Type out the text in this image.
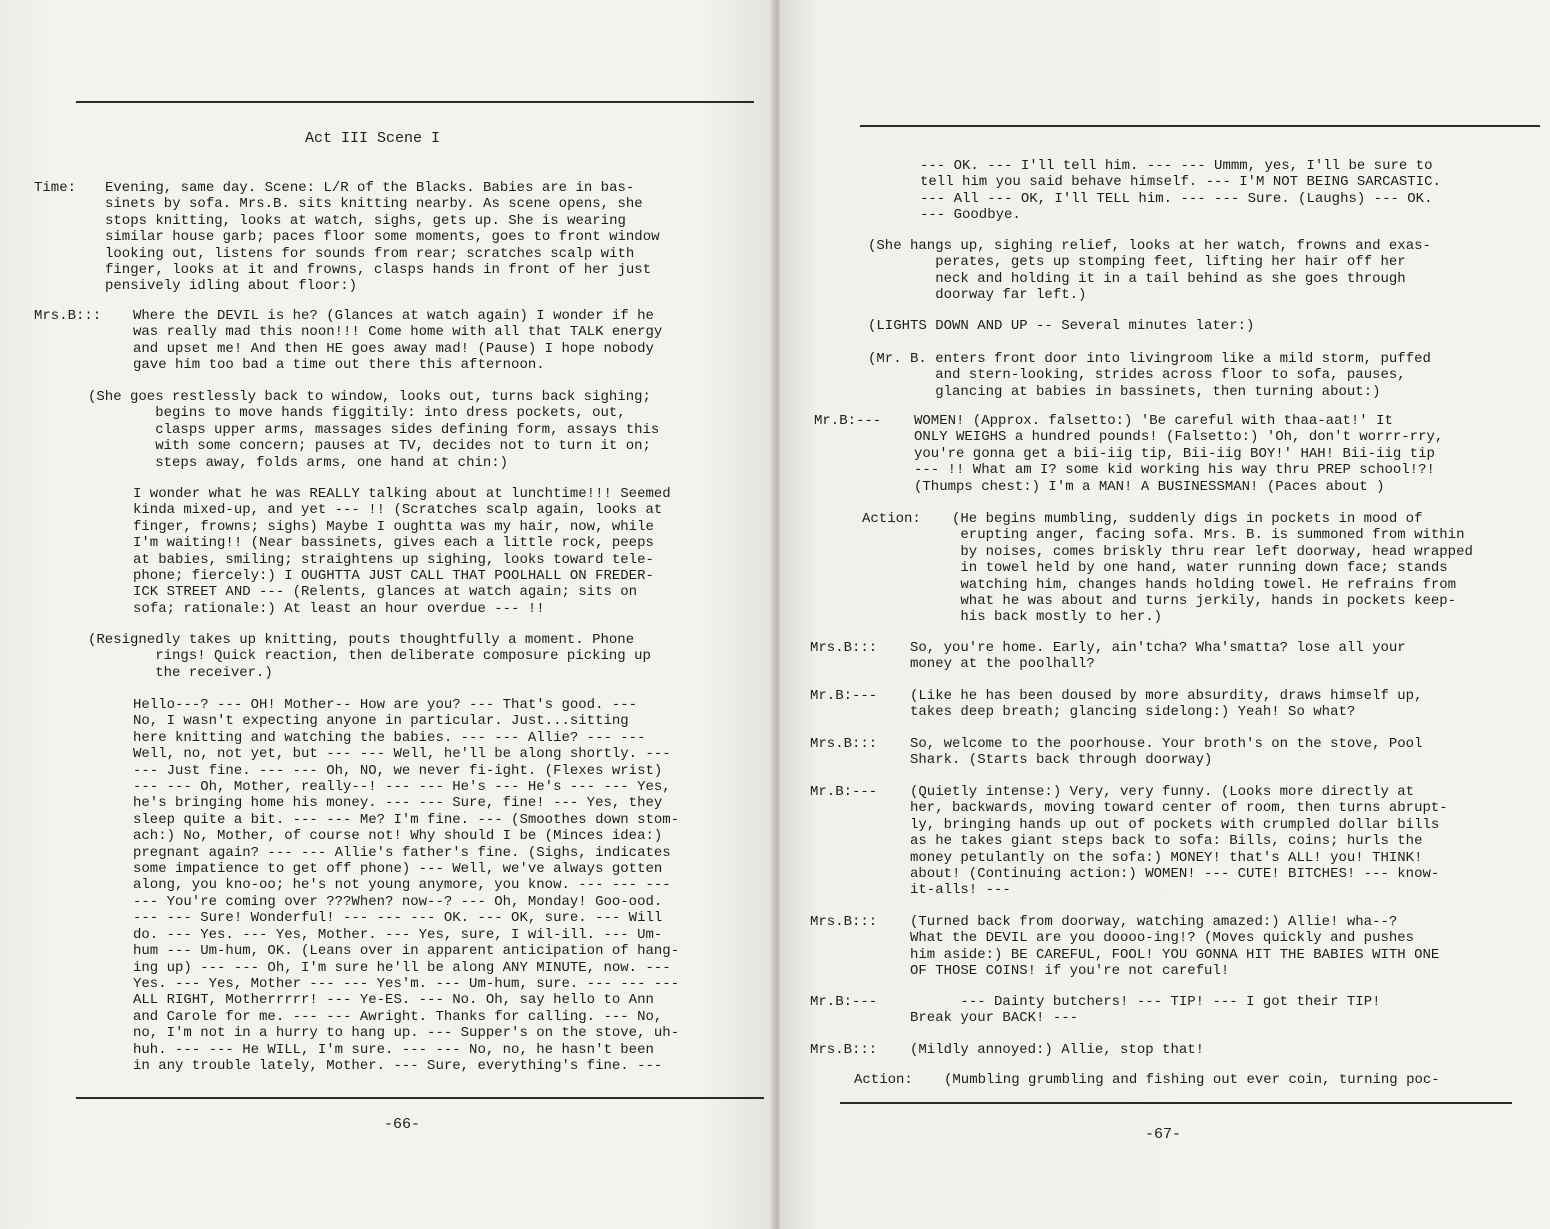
Act III Scene I
Time: Evening, same day. Scene: L/R of the Blacks. Babies are in bas-
sinets by sofa. Mrs.B. sits knitting nearby. As scene opens, she
stops knitting, looks at watch, sighs, gets up. She is wearing
similar house garb; paces floor some moments, goes to front window
looking out, listens for sounds from rear; scratches scalp with
finger, looks at it and frowns, clasps hands in front of her just
pensively idling about floor:)
Mrs.B::: Where the DEVIL is he? (Glances at watch again) I wonder if he
was really mad this noon!!! Come home with all that TALK energy
and upset me! And then HE goes away mad! (Pause) I hope nobody
gave him too bad a time out there this afternoon.
(She goes restlessly back to window, looks out, turns back sighing;
begins to move hands figgitily: into dress pockets, out,
clasps upper arms, massages sides defining form, assays this
with some concern; pauses at TV, decides not to turn it on;
steps away, folds arms, one hand at chin:)
I wonder what he was REALLY talking about at lunchtime!!! Seemed
kinda mixed-up, and yet --- !! (Scratches scalp again, looks at
finger, frowns; sighs) Maybe I oughtta was my hair, now, while
I'm waiting!! (Near bassinets, gives each a little rock, peeps
at babies, smiling; straightens up sighing, looks toward tele-
phone; fiercely:) I OUGHTTA JUST CALL THAT POOLHALL ON FREDER-
ICK STREET AND --- (Relents, glances at watch again; sits on
sofa; rationale:) At least an hour overdue --- !!
(Resignedly takes up knitting, pouts thoughtfully a moment. Phone
rings! Quick reaction, then deliberate composure picking up
the receiver.)
Hello---? --- OH! Mother-- How are you? --- That's good. ---
No, I wasn't expecting anyone in particular. Just...sitting
here knitting and watching the babies. --- --- Allie? --- ---
Well, no, not yet, but --- --- Well, he'll be along shortly. ---
--- Just fine. --- --- Oh, NO, we never fi-ight. (Flexes wrist)
--- --- Oh, Mother, really--! --- --- He's --- He's --- --- Yes,
he's bringing home his money. --- --- Sure, fine! --- Yes, they
sleep quite a bit. --- --- Me? I'm fine. --- (Smoothes down stom-
ach:) No, Mother, of course not! Why should I be (Minces idea:)
pregnant again? --- --- Allie's father's fine. (Sighs, indicates
some impatience to get off phone) --- Well, we've always gotten
along, you kno-oo; he's not young anymore, you know. --- --- ---
--- You're coming over ???When? now--? --- Oh, Monday! Goo-ood.
--- --- Sure! Wonderful! --- --- --- OK. --- OK, sure. --- Will
do. --- Yes. --- Yes, Mother. --- Yes, sure, I wil-ill. --- Um-
hum --- Um-hum, OK. (Leans over in apparent anticipation of hang-
ing up) --- --- Oh, I'm sure he'll be along ANY MINUTE, now. ---
Yes. --- Yes, Mother --- --- Yes'm. --- Um-hum, sure. --- --- ---
ALL RIGHT, Motherrrrr! --- Ye-ES. --- No. Oh, say hello to Ann
and Carole for me. --- --- Awright. Thanks for calling. --- No,
no, I'm not in a hurry to hang up. --- Supper's on the stove, uh-
huh. --- --- He WILL, I'm sure. --- --- No, no, he hasn't been
in any trouble lately, Mother. --- Sure, everything's fine. ---
-66-
--- OK. --- I'll tell him. --- --- Ummm, yes, I'll be sure to
tell him you said behave himself. --- I'M NOT BEING SARCASTIC.
--- All --- OK, I'll TELL him. --- --- Sure. (Laughs) --- OK.
--- Goodbye.
(She hangs up, sighing relief, looks at her watch, frowns and exas-
perates, gets up stomping feet, lifting her hair off her
neck and holding it in a tail behind as she goes through
doorway far left.)
(LIGHTS DOWN AND UP -- Several minutes later:)
(Mr. B. enters front door into livingroom like a mild storm, puffed
and stern-looking, strides across floor to sofa, pauses,
glancing at babies in bassinets, then turning about:)
Mr.B:--- WOMEN! (Approx. falsetto:) 'Be careful with thaa-aat!' It
ONLY WEIGHS a hundred pounds! (Falsetto:) 'Oh, don't worrr-rry,
you're gonna get a bii-iig tip, Bii-iig BOY!' HAH! Bii-iig tip
--- !! What am I? some kid working his way thru PREP school!?!
(Thumps chest:) I'm a MAN! A BUSINESSMAN! (Paces about )
Action: (He begins mumbling, suddenly digs in pockets in mood of
erupting anger, facing sofa. Mrs. B. is summoned from within
by noises, comes briskly thru rear left doorway, head wrapped
in towel held by one hand, water running down face; stands
watching him, changes hands holding towel. He refrains from
what he was about and turns jerkily, hands in pockets keep-
his back mostly to her.)
Mrs.B::: So, you're home. Early, ain'tcha? Wha'smatta? lose all your
money at the poolhall?
Mr.B:--- (Like he has been doused by more absurdity, draws himself up,
takes deep breath; glancing sidelong:) Yeah! So what?
Mrs.B::: So, welcome to the poorhouse. Your broth's on the stove, Pool
Shark. (Starts back through doorway)
Mr.B:--- (Quietly intense:) Very, very funny. (Looks more directly at
her, backwards, moving toward center of room, then turns abrupt-
ly, bringing hands up out of pockets with crumpled dollar bills
as he takes giant steps back to sofa: Bills, coins; hurls the
money petulantly on the sofa:) MONEY! that's ALL! you! THINK!
about! (Continuing action:) WOMEN! --- CUTE! BITCHES! --- know-
it-alls! ---
Mrs.B::: (Turned back from doorway, watching amazed:) Allie! wha--?
What the DEVIL are you doooo-ing!? (Moves quickly and pushes
him aside:) BE CAREFUL, FOOL! YOU GONNA HIT THE BABIES WITH ONE
OF THOSE COINS! if you're not careful!
Mr.B:---	--- Dainty butchers! --- TIP! --- I got their TIP!
Break your BACK! ---
Mrs.B::: (Mildly annoyed:) Allie, stop that!
Action: (Mumbling grumbling and fishing out ever coin, turning poc-
-67-
